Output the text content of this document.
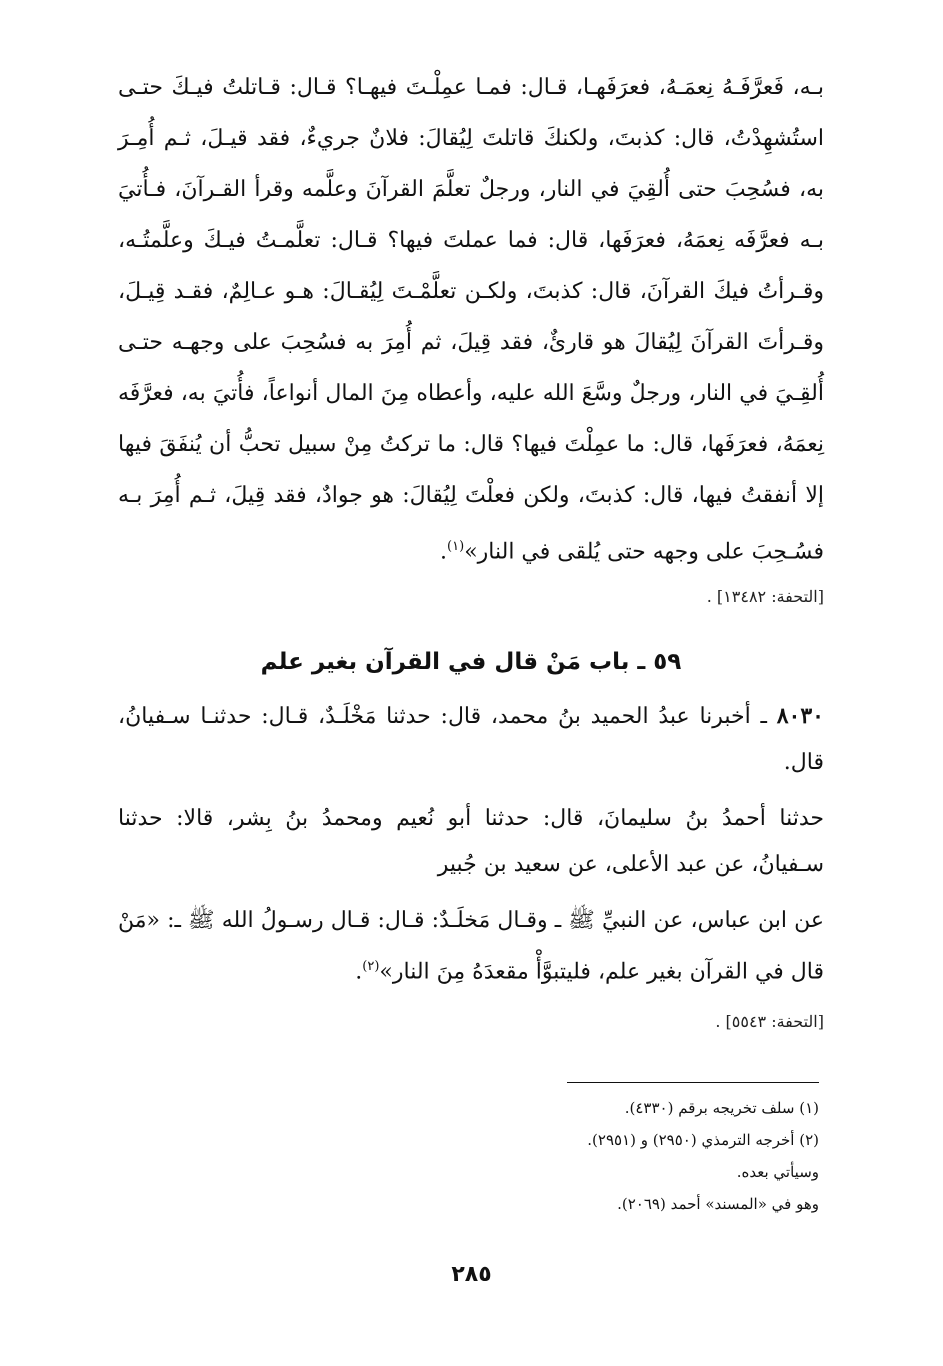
بـه، فَعرَّفَـهُ نِعمَـهُ، فعرَفَهـا، قـال: فمـا عمِلْـتَ فيهـا؟ قـال: قـاتلتُ فيـكَ حتـى استُشهِدْتُ، قال: كذبتَ، ولكنكَ قاتلتَ لِيُقالَ: فلانٌ جريءٌ، فقد قيـلَ، ثـم أُمِـرَ به، فسُحِبَ حتى أُلقِيَ في النار، ورجلٌ تعلَّمَ القرآنَ وعلَّمه وقرأ القـرآنَ، فـأُتيَ بـه فعرَّفَه نِعمَهُ، فعرَفَها، قال: فما عملتَ فيها؟ قـال: تعلَّمـتُ فيـكَ وعلَّمتُـه، وقـرأتُ فيكَ القرآنَ، قال: كذبتَ، ولكـن تعلَّمْـتَ لِيُقـالَ: هـو عـالِمٌ، فقـد قِيـلَ، وقـرأتَ القرآنَ لِيُقالَ هو قارئٌ، فقد قِيلَ، ثم أُمِرَ به فسُحِبَ على وجهـه حتـى أُلقِـيَ في النار، ورجلٌ وسَّعَ الله عليه، وأعطاه مِنَ المال أنواعاً، فأُتيَ به، فعرَّفَه نِعمَهُ، فعرَفَها، قال: ما عمِلْتَ فيها؟ قال: ما تركتُ مِنْ سبيل تحبُّ أن يُنفَقَ فيها إلا أنفقتُ فيها، قال: كذبتَ، ولكن فعلْتَ لِيُقالَ: هو جوادٌ، فقد قِيلَ، ثـم أُمِرَ بـه فسُـحِبَ على وجهه حتى يُلقى في النار»$^{(١)}$.

[التحفة: ١٣٤٨٢] .

٥٩ ـ باب مَنْ قال في القرآن بغير علم

٨٠٣٠ ـ أخبرنا عبدُ الحميد بنُ محمد، قال: حدثنا مَخْلَـدٌ، قـال: حدثنـا سـفيانُ، قال.

حدثنا أحمدُ بنُ سليمانَ، قال: حدثنا أبو نُعيم ومحمدُ بنُ بِشر، قالا: حدثنا سـفيانُ، عن عبد الأعلى، عن سعيد بن جُبير

عن ابن عباس، عن النبيِّ ﷺ ـ وقـال مَخلَـدٌ: قـال: قـال رسـولُ الله ﷺ ـ: «مَنْ قال في القرآن بغير علم، فليتبوَّأْ مقعدَهُ مِنَ النار»$^{(٢)}$.

[التحفة: ٥٥٤٣] .

(١) سلف تخريجه برقم (٤٣٣٠).

(٢) أخرجه الترمذي (٢٩٥٠) و (٢٩٥١).

وسيأتي بعده.

وهو في «المسند» أحمد (٢٠٦٩).

٢٨٥
